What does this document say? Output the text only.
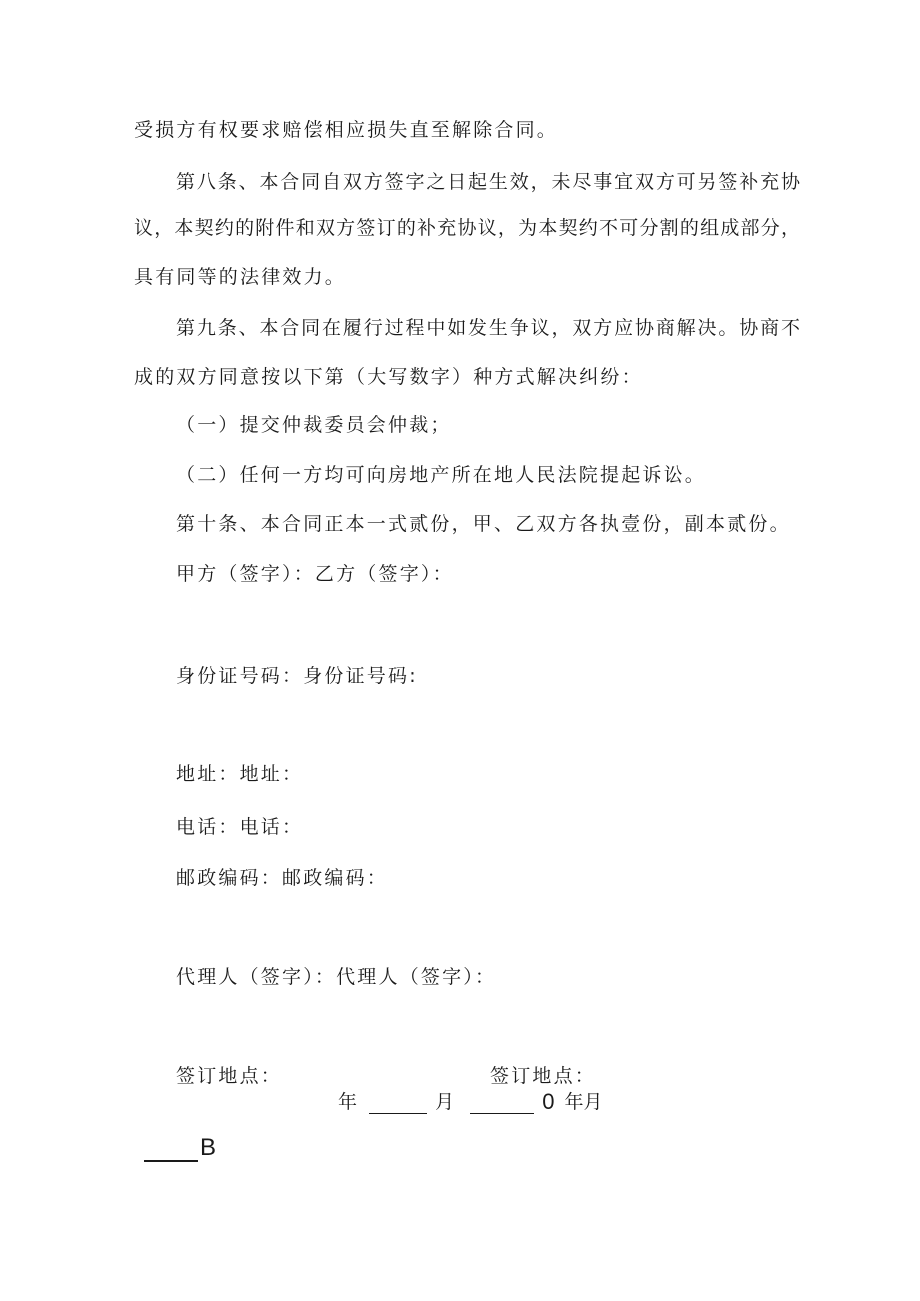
受损方有权要求赔偿相应损失直至解除合同。
第八条、本合同自双方签字之日起生效，未尽事宜双方可另签补充协
议，本契约的附件和双方签订的补充协议，为本契约不可分割的组成部分，
具有同等的法律效力。
第九条、本合同在履行过程中如发生争议，双方应协商解决。协商不
成的双方同意按以下第（大写数字）种方式解决纠纷：
（一）提交仲裁委员会仲裁；
（二）任何一方均可向房地产所在地人民法院提起诉讼。
第十条、本合同正本一式贰份，甲、乙双方各执壹份，副本贰份。
甲方（签字）：乙方（签字）：
身份证号码：身份证号码:
地址：地址：
电话：电话：
邮政编码：邮政编码：
代理人（签字）：代理人（签字）：
签订地点：	签订地点：
年	月	0 年月
B
